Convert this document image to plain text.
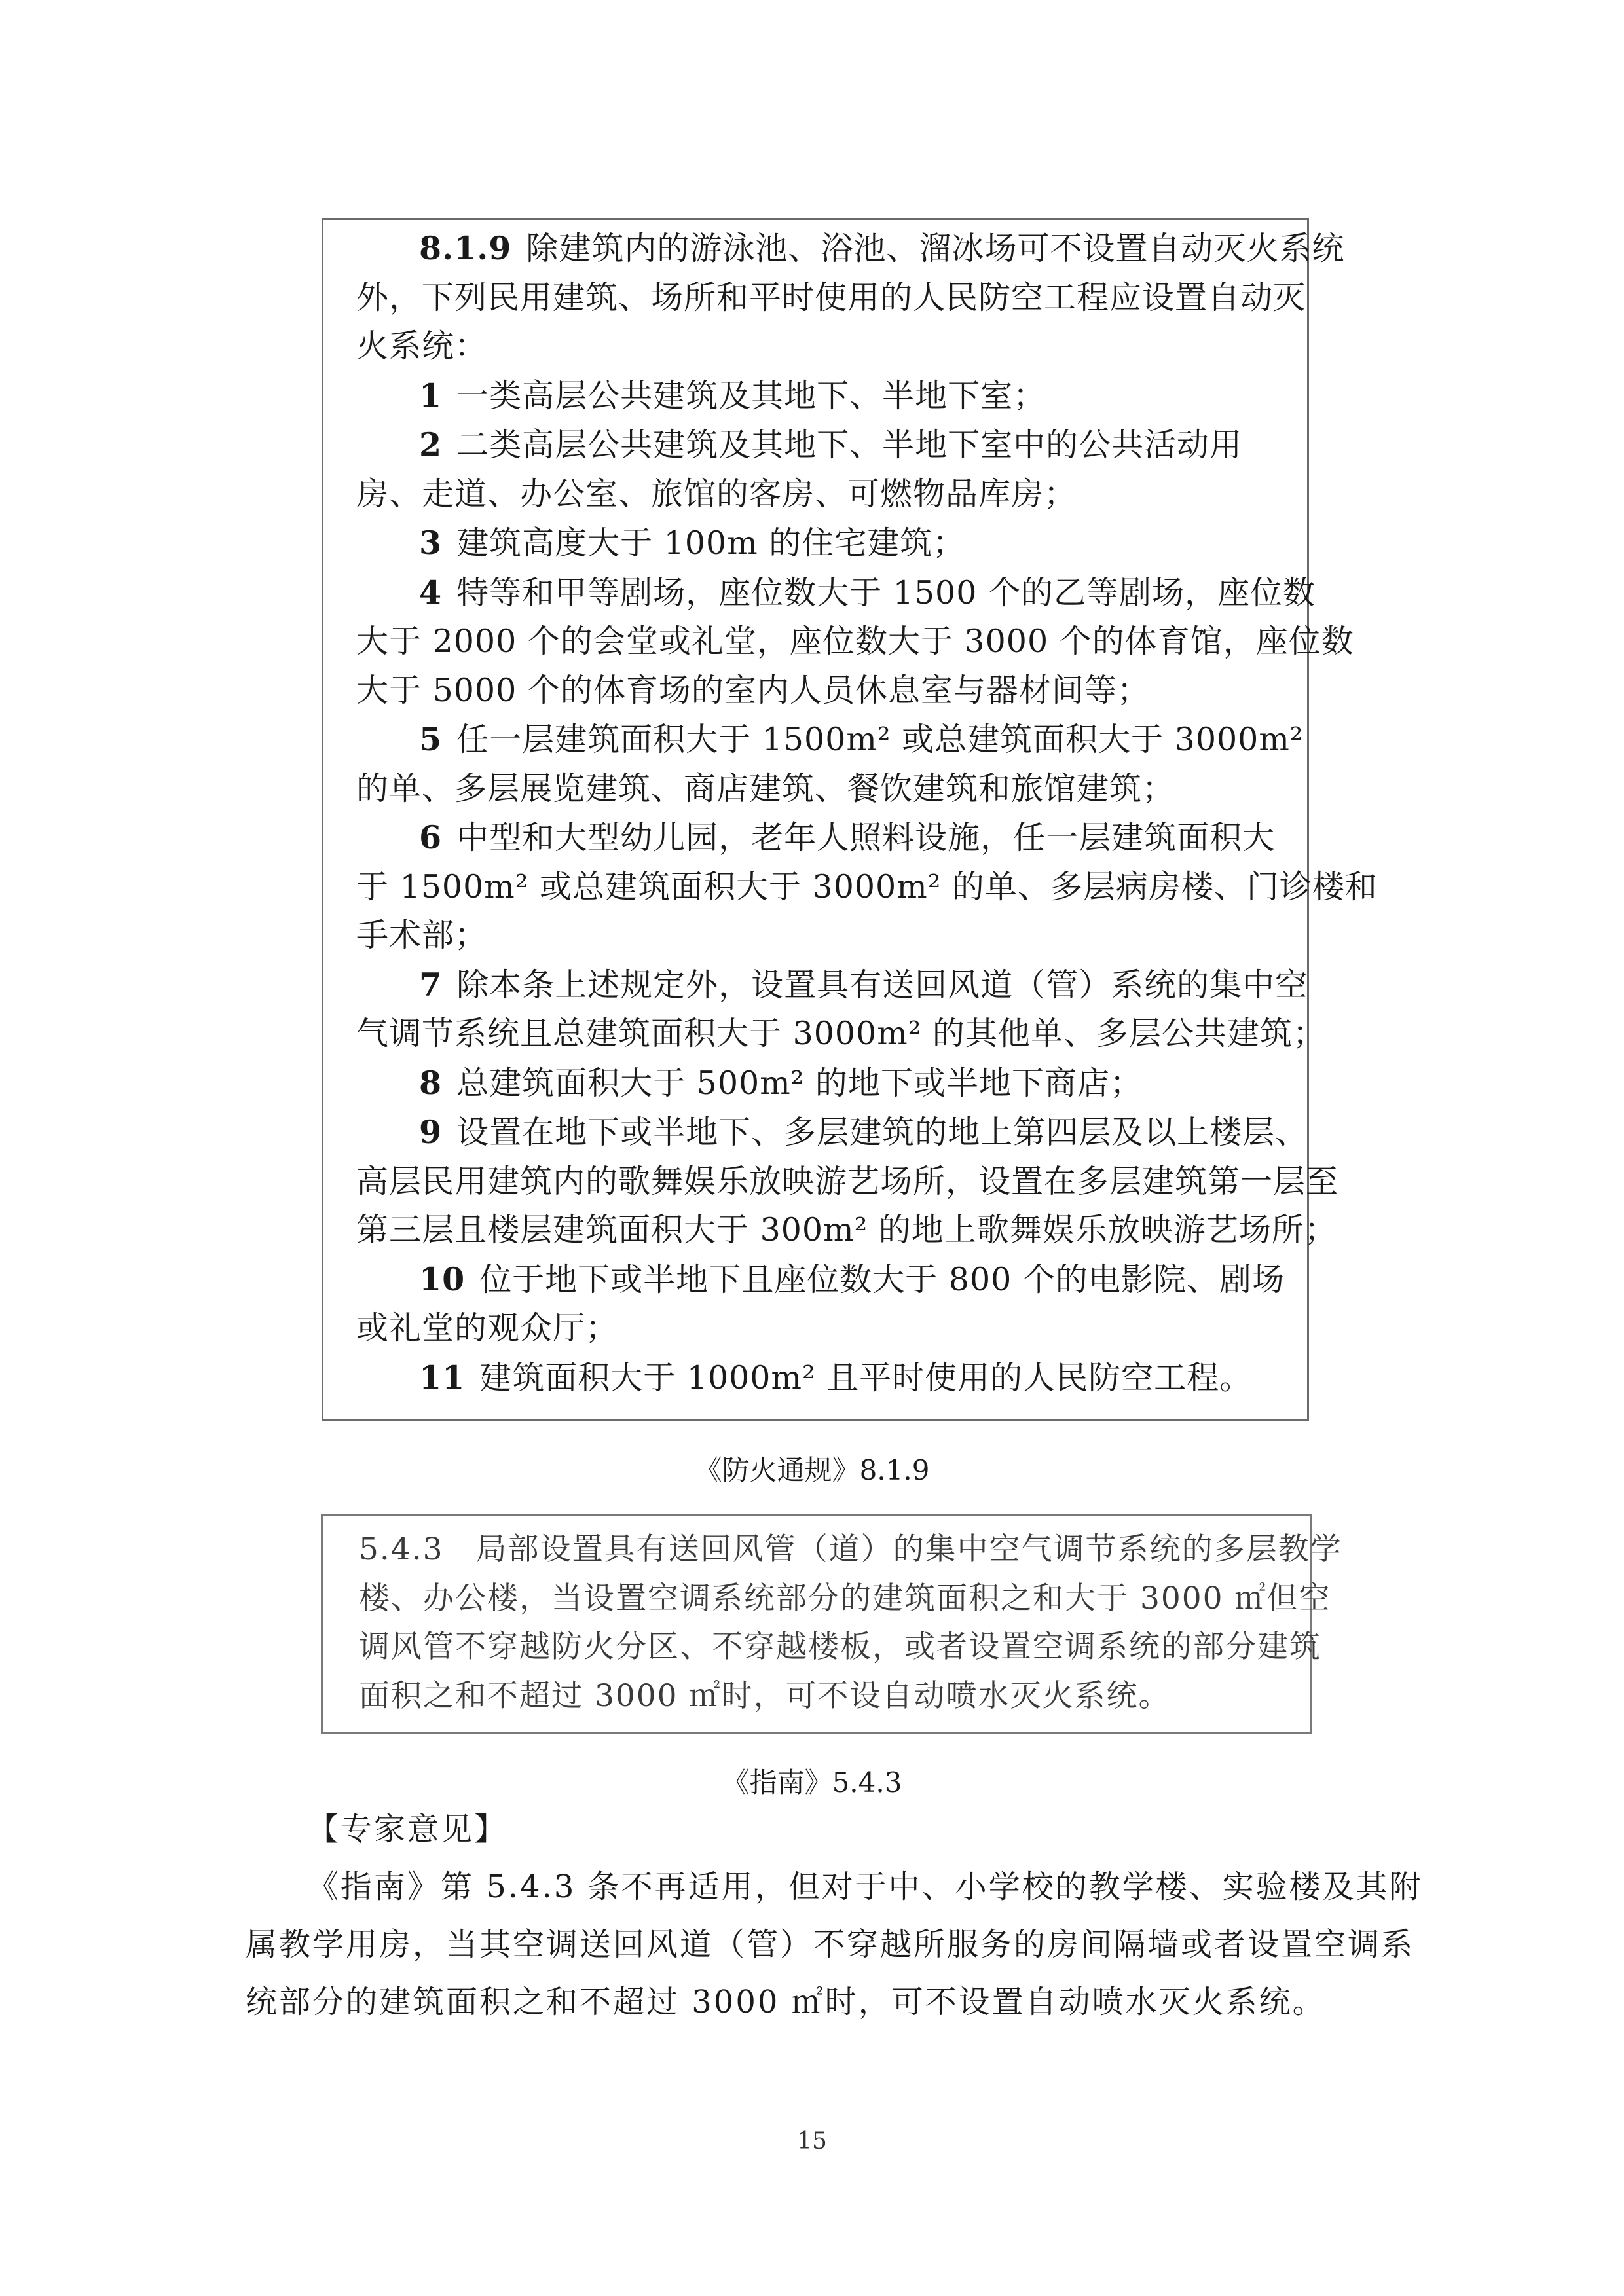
8.1.9 除建筑内的游泳池、浴池、溜冰场可不设置自动灭火系统

外，下列民用建筑、场所和平时使用的人民防空工程应设置自动灭

火系统：

1 一类高层公共建筑及其地下、半地下室；

2 二类高层公共建筑及其地下、半地下室中的公共活动用

房、走道、办公室、旅馆的客房、可燃物品库房；

3 建筑高度大于 100m 的住宅建筑；

4 特等和甲等剧场，座位数大于 1500 个的乙等剧场，座位数

大于 2000 个的会堂或礼堂，座位数大于 3000 个的体育馆，座位数

大于 5000 个的体育场的室内人员休息室与器材间等；

5 任一层建筑面积大于 1500m² 或总建筑面积大于 3000m²

的单、多层展览建筑、商店建筑、餐饮建筑和旅馆建筑；

6 中型和大型幼儿园，老年人照料设施，任一层建筑面积大

于 1500m² 或总建筑面积大于 3000m² 的单、多层病房楼、门诊楼和

手术部；

7 除本条上述规定外，设置具有送回风道（管）系统的集中空

气调节系统且总建筑面积大于 3000m² 的其他单、多层公共建筑；

8 总建筑面积大于 500m² 的地下或半地下商店；

9 设置在地下或半地下、多层建筑的地上第四层及以上楼层、

高层民用建筑内的歌舞娱乐放映游艺场所，设置在多层建筑第一层至

第三层且楼层建筑面积大于 300m² 的地上歌舞娱乐放映游艺场所；

10 位于地下或半地下且座位数大于 800 个的电影院、剧场

或礼堂的观众厅；

11 建筑面积大于 1000m² 且平时使用的人民防空工程。

《防火通规》8.1.9

5.4.3　局部设置具有送回风管（道）的集中空气调节系统的多层教学

楼、办公楼，当设置空调系统部分的建筑面积之和大于 3000 ㎡但空

调风管不穿越防火分区、不穿越楼板，或者设置空调系统的部分建筑

面积之和不超过 3000 ㎡时，可不设自动喷水灭火系统。

《指南》5.4.3

【专家意见】

《指南》第 5.4.3 条不再适用，但对于中、小学校的教学楼、实验楼及其附

属教学用房，当其空调送回风道（管）不穿越所服务的房间隔墙或者设置空调系

统部分的建筑面积之和不超过 3000 ㎡时，可不设置自动喷水灭火系统。

15
